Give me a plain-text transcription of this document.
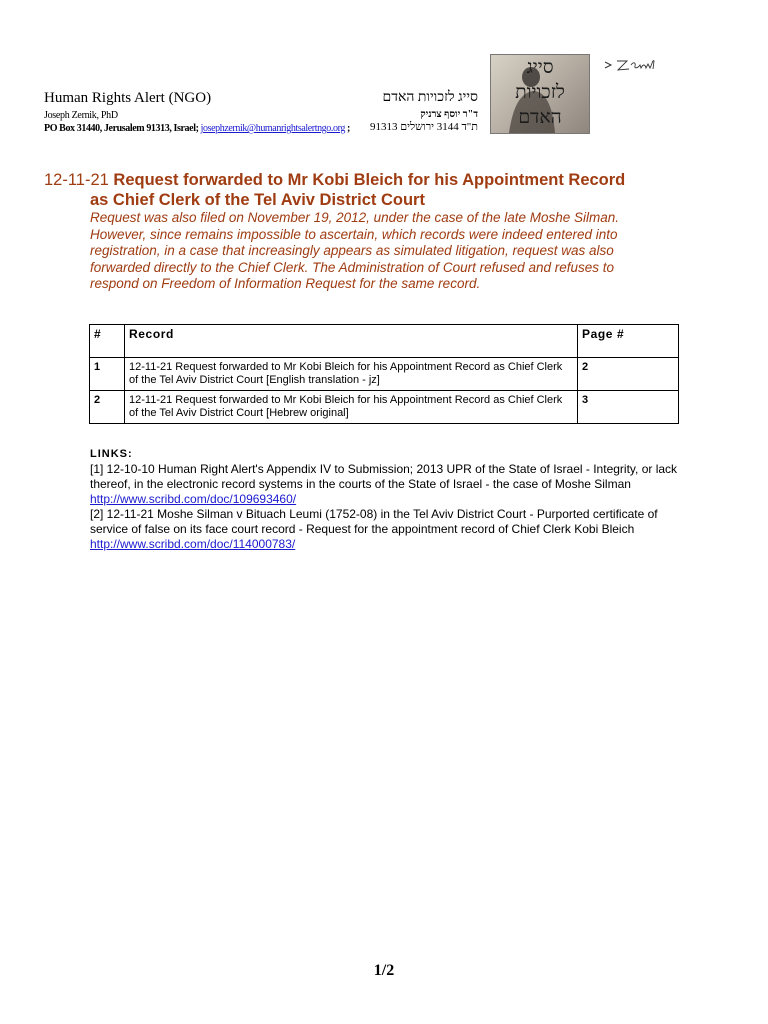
Human Rights Alert (NGO)
Joseph Zernik, PhD
PO Box 31440, Jerusalem 91313, Israel; josephzernik@humanrightsalertngo.org ;
סייג לזכויות האדם
ד"ר יוסף צרניק
ת"ד 3144 ירושלים 91313
סייג
לזכויות
האדם
12-11-21 Request forwarded to Mr Kobi Bleich for his Appointment Record
as Chief Clerk of the Tel Aviv District Court
Request was also filed on November 19, 2012, under the case of the late Moshe Silman. However, since remains impossible to ascertain, which records were indeed entered into registration, in a case that increasingly appears as simulated litigation, request was also forwarded directly to the Chief Clerk. The Administration of Court refused and refuses to respond on Freedom of Information Request for the same record.
#	Record	Page #
1	12-11-21 Request forwarded to Mr Kobi Bleich for his Appointment Record as Chief Clerk of the Tel Aviv District Court [English translation - jz]	2
2	12-11-21 Request forwarded to Mr Kobi Bleich for his Appointment Record as Chief Clerk of the Tel Aviv District Court [Hebrew original]	3
LINKS:
[1] 12-10-10 Human Right Alert's Appendix IV to Submission; 2013 UPR of the State of Israel - Integrity, or lack thereof, in the electronic record systems in the courts of the State of Israel - the case of Moshe Silman
http://www.scribd.com/doc/109693460/
[2] 12-11-21 Moshe Silman v Bituach Leumi (1752-08) in the Tel Aviv District Court - Purported certificate of service of false on its face court record - Request for the appointment record of Chief Clerk Kobi Bleich
http://www.scribd.com/doc/114000783/
1/2
